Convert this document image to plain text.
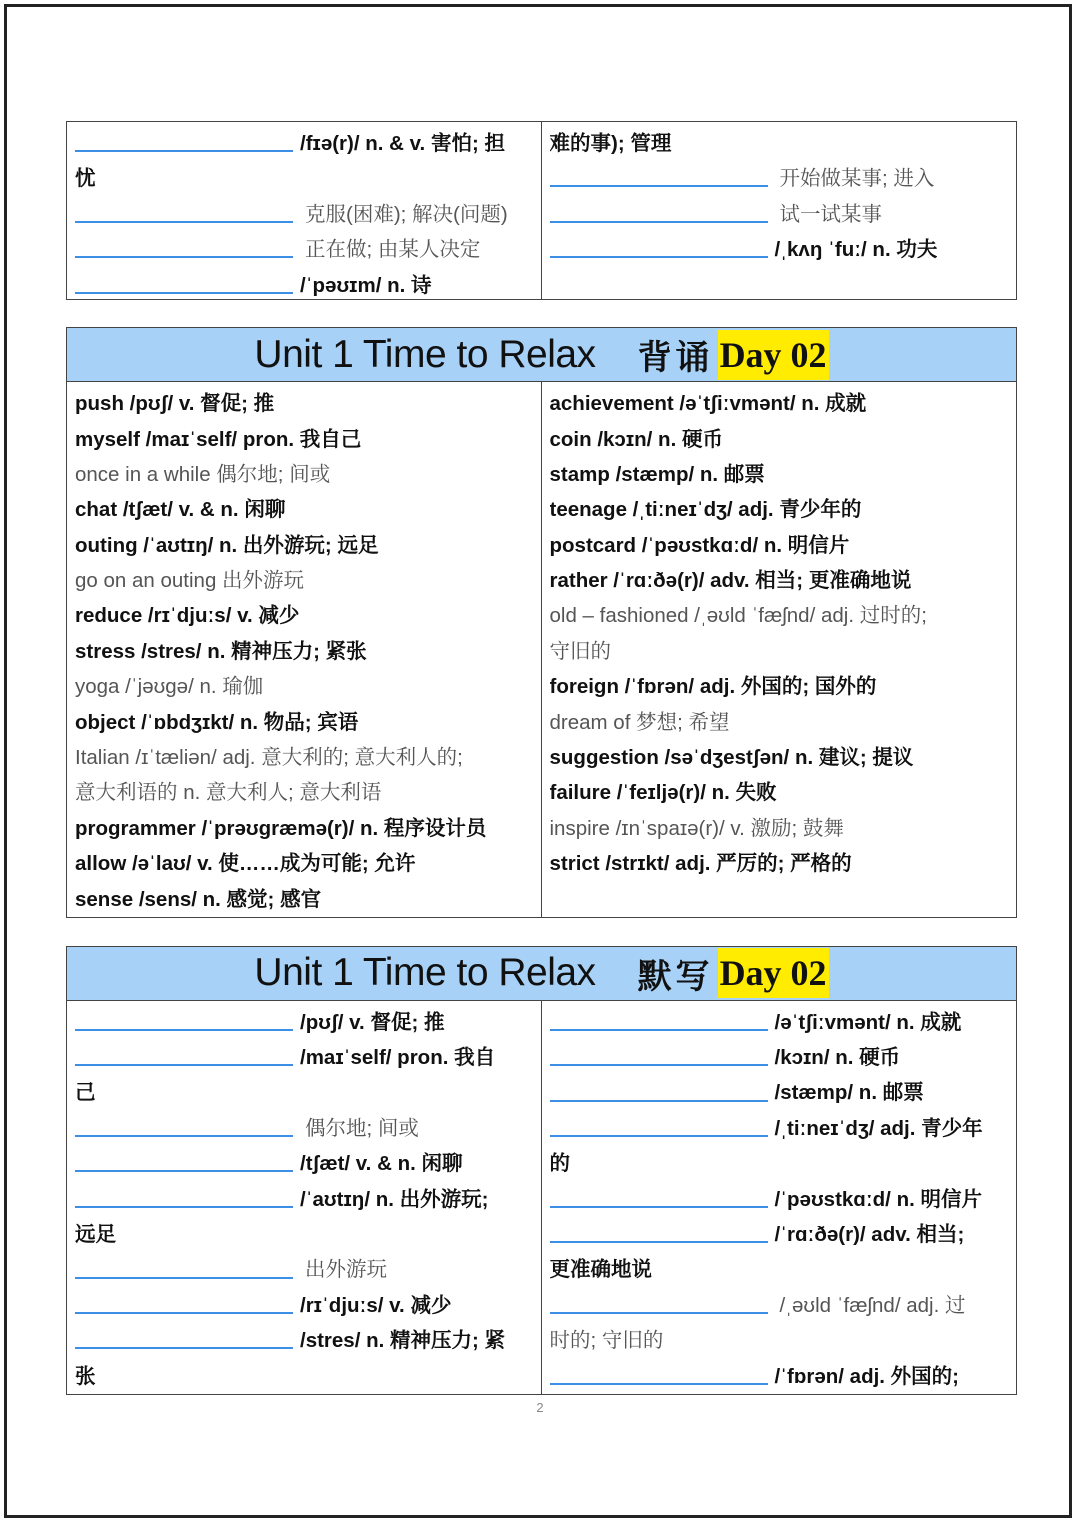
/fɪə(r)/ n. & v. 害怕; 担
忧
克服(困难); 解决(问题)
正在做; 由某人决定
/ˈpəʊɪm/ n. 诗
难的事); 管理
开始做某事; 进入
试一试某事
/ˌkʌŋ ˈfuː/ n. 功夫
Unit 1 Time to Relax 背诵 Day 02
push /pʊʃ/ v. 督促; 推
myself /maɪˈself/ pron. 我自己
once in a while 偶尔地; 间或
chat /tʃæt/ v. & n. 闲聊
outing /ˈaʊtɪŋ/ n. 出外游玩; 远足
go on an outing 出外游玩
reduce /rɪˈdjuːs/ v. 减少
stress /stres/ n. 精神压力; 紧张
yoga /ˈjəʊgə/ n. 瑜伽
object /ˈɒbdʒɪkt/ n. 物品; 宾语
Italian /ɪˈtæliən/ adj. 意大利的; 意大利人的;
意大利语的 n. 意大利人; 意大利语
programmer /ˈprəʊgræmə(r)/ n. 程序设计员
allow /əˈlaʊ/ v. 使……成为可能; 允许
sense /sens/ n. 感觉; 感官
achievement /əˈtʃiːvmənt/ n. 成就
coin /kɔɪn/ n. 硬币
stamp /stæmp/ n. 邮票
teenage /ˌtiːneɪˈdʒ/ adj. 青少年的
postcard /ˈpəʊstkɑːd/ n. 明信片
rather /ˈrɑːðə(r)/ adv. 相当; 更准确地说
old – fashioned /ˌəʊld ˈfæʃnd/ adj. 过时的;
守旧的
foreign /ˈfɒrən/ adj. 外国的; 国外的
dream of 梦想; 希望
suggestion /səˈdʒestʃən/ n. 建议; 提议
failure /ˈfeɪljə(r)/ n. 失败
inspire /ɪnˈspaɪə(r)/ v. 激励; 鼓舞
strict /strɪkt/ adj. 严厉的; 严格的
Unit 1 Time to Relax 默写 Day 02
/pʊʃ/ v. 督促; 推
/maɪˈself/ pron. 我自
己
偶尔地; 间或
/tʃæt/ v. & n. 闲聊
/ˈaʊtɪŋ/ n. 出外游玩;
远足
出外游玩
/rɪˈdjuːs/ v. 减少
/stres/ n. 精神压力; 紧
张
/əˈtʃiːvmənt/ n. 成就
/kɔɪn/ n. 硬币
/stæmp/ n. 邮票
/ˌtiːneɪˈdʒ/ adj. 青少年
的
/ˈpəʊstkɑːd/ n. 明信片
/ˈrɑːðə(r)/ adv. 相当;
更准确地说
/ˌəʊld ˈfæʃnd/ adj. 过
时的; 守旧的
/ˈfɒrən/ adj. 外国的;
2
